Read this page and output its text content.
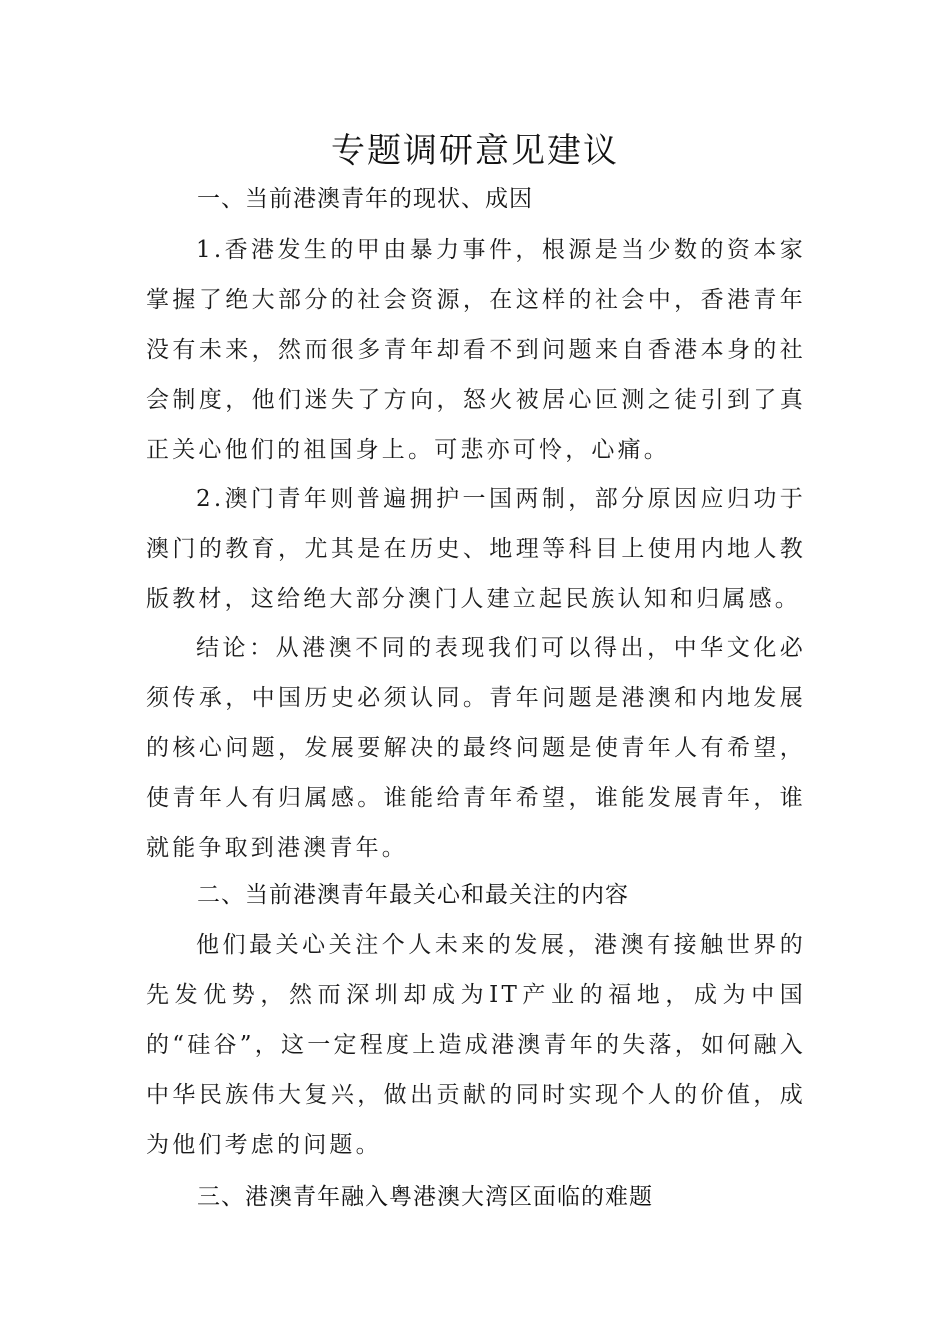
专题调研意见建议
一、当前港澳青年的现状、成因

1.香港发生的甲由暴力事件，根源是当少数的资本家掌握了绝大部分的社会资源，在这样的社会中，香港青年没有未来，然而很多青年却看不到问题来自香港本身的社会制度，他们迷失了方向，怒火被居心叵测之徒引到了真正关心他们的祖国身上。可悲亦可怜，心痛。

2.澳门青年则普遍拥护一国两制，部分原因应归功于澳门的教育，尤其是在历史、地理等科目上使用内地人教版教材，这给绝大部分澳门人建立起民族认知和归属感。

结论：从港澳不同的表现我们可以得出，中华文化必须传承，中国历史必须认同。青年问题是港澳和内地发展的核心问题，发展要解决的最终问题是使青年人有希望，使青年人有归属感。谁能给青年希望，谁能发展青年，谁就能争取到港澳青年。

二、当前港澳青年最关心和最关注的内容

他们最关心关注个人未来的发展，港澳有接触世界的先发优势，然而深圳却成为IT产业的福地，成为中国的“硅谷”，这一定程度上造成港澳青年的失落，如何融入中华民族伟大复兴，做出贡献的同时实现个人的价值，成为他们考虑的问题。

三、港澳青年融入粤港澳大湾区面临的难题
